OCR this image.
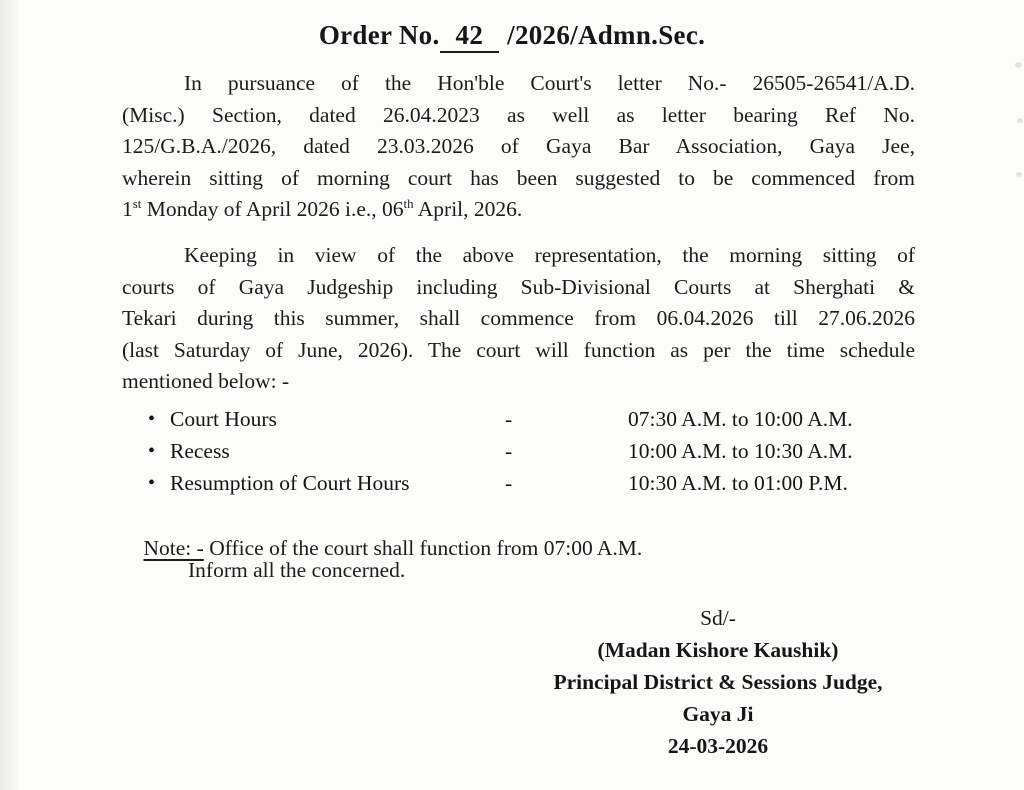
Order No. 42 /2026/Admn.Sec.
In pursuance of the Hon'ble Court's letter No.- 26505-26541/A.D.
(Misc.) Section, dated 26.04.2023 as well as letter bearing Ref No.
125/G.B.A./2026, dated 23.03.2026 of Gaya Bar Association, Gaya Jee,
wherein sitting of morning court has been suggested to be commenced from
1st Monday of April 2026 i.e., 06th April, 2026.
Keeping in view of the above representation, the morning sitting of
courts of Gaya Judgeship including Sub-Divisional Courts at Sherghati &
Tekari during this summer, shall commence from 06.04.2026 till 27.06.2026
(last Saturday of June, 2026). The court will function as per the time schedule
mentioned below: -
• Court Hours	-	07:30 A.M. to 10:00 A.M.
• Recess	-	10:00 A.M. to 10:30 A.M.
• Resumption of Court Hours	-	10:30 A.M. to 01:00 P.M.

Note: - Office of the court shall function from 07:00 A.M.

Inform all the concerned.
Sd/-
(Madan Kishore Kaushik)
Principal District & Sessions Judge,
Gaya Ji
24-03-2026
